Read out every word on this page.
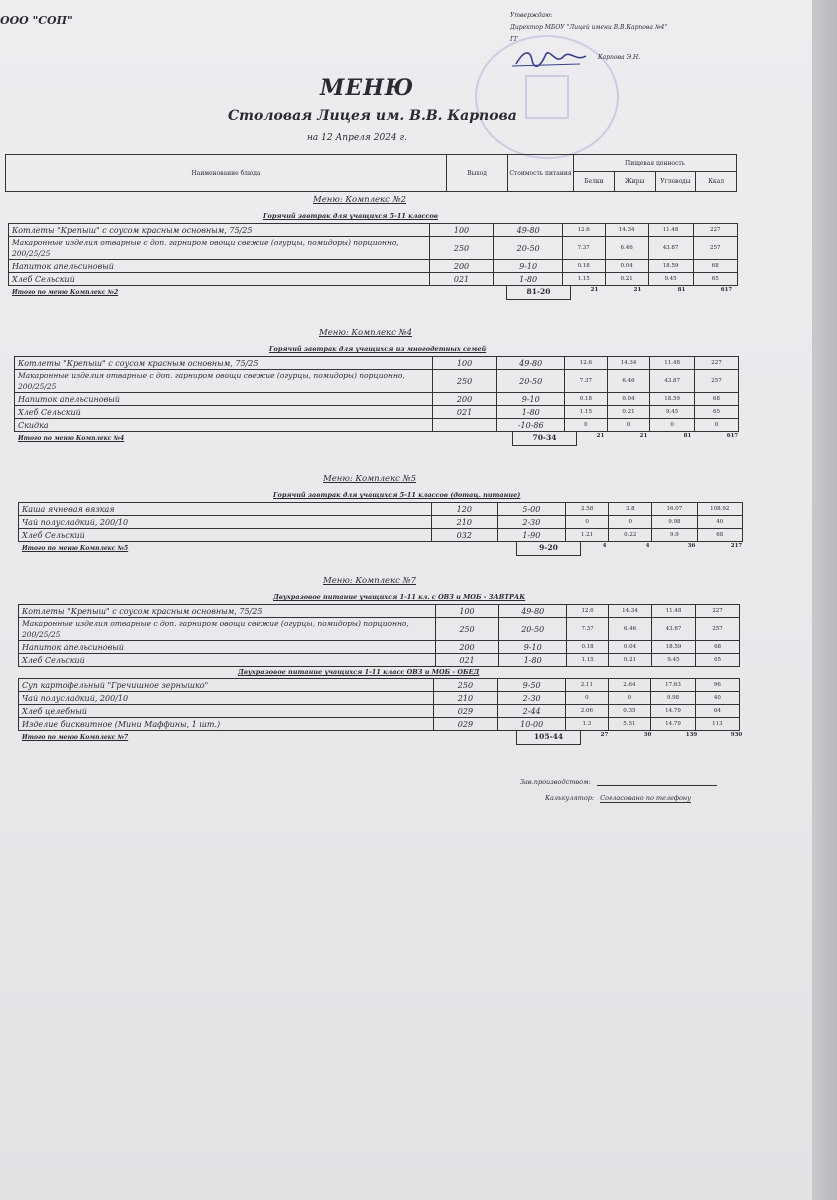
ООО "СОП"	Утверждаю:
Директор МБОУ "Лицей имени В.В.Карпова №4"
ГГ
Карпова Э.Н.
МЕНЮ
Столовая Лицея им. В.В. Карпова
на 12 Апреля 2024 г.
Наименование блюда	Выход	Стоимость питания
Пищевая ценность
Белки	Жиры	Углеводы	Ккал
Меню: Комплекс №2
Горячий завтрак для учащихся 5-11 классов
Котлеты "Крепыш" с соусом красным основным, 75/25	100	49-80	12.6	14.34	11.48	227
Макаронные изделия отварные с доп. гарниром овощи свежие (огурцы, помидоры) порционно, 200/25/25	250	20-50	7.37	6.46	43.87	257
Напиток апельсиновый	200	9-10	0.18	0.04	18.59	68
Хлеб Сельский	021	1-80	1.15	0.21	9.45	65
Итого по меню Комплекс №2	81-20	21	21	81	617
Меню: Комплекс №4
Горячий завтрак для учащихся из многодетных семей
Котлеты "Крепыш" с соусом красным основным, 75/25	100	49-80	12.6	14.34	11.48	227
Макаронные изделия отварные с доп. гарниром овощи свежие (огурцы, помидоры) порционно, 200/25/25	250	20-50	7.37	6.46	43.87	257
Напиток апельсиновый	200	9-10	0.18	0.04	18.59	68
Хлеб Сельский	021	1-80	1.15	0.21	9.45	65
Скидка		-10-86	0	0	0	0
Итого по меню Комплекс №4	70-34	21	21	81	617
Меню: Комплекс №5
Горячий завтрак для учащихся 5-11 классов (дотац. питание)
Каша ячневая вязкая	120	5-00	2.58	3.8	16.07	108.92
Чай полусладкий, 200/10	210	2-30	0	0	9.98	40
Хлеб Сельский	032	1-90	1.21	0.22	9.9	68
Итого по меню Комплекс №5	9-20	4	4	36	217
Меню: Комплекс №7
Двухразовое питание учащихся 1-11 кл. с ОВЗ и МОБ - ЗАВТРАК
Котлеты "Крепыш" с соусом красным основным, 75/25	100	49-80	12.6	14.34	11.48	227
Макаронные изделия отварные с доп. гарниром овощи свежие (огурцы, помидоры) порционно, 200/25/25	250	20-50	7.37	6.46	43.87	257
Напиток апельсиновый	200	9-10	0.18	0.04	18.59	68
Хлеб Сельский	021	1-80	1.15	0.21	9.45	65
Двухразовое питание учащихся 1-11 класс ОВЗ и МОБ - ОБЕД
Суп картофельный "Гречишное зернышко"	250	9-50	2.11	2.64	17.63	96
Чай полусладкий, 200/10	210	2-30	0	0	9.98	40
Хлеб целебный	029	2-44	2.06	0.35	14.79	64
Изделие бисквитное (Мини Маффины, 1 шт.)	029	10-00	1.3	5.51	14.79	113
Итого по меню Комплекс №7	105-44	27	30	139	930
Зав.производством:
Калькулятор: Согласовано по телефону
